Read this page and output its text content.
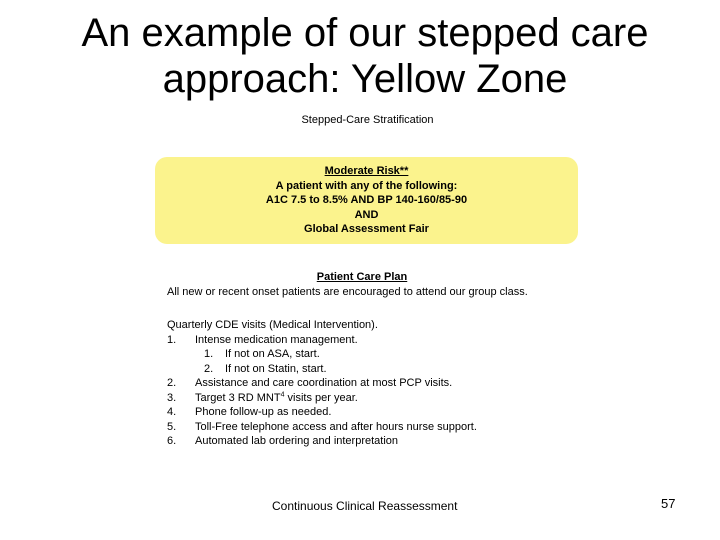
An example of our stepped care approach: Yellow Zone
Stepped-Care Stratification
Moderate Risk**
A patient with any of the following:
A1C 7.5 to 8.5% AND BP 140-160/85-90
AND
Global Assessment Fair
Patient Care Plan
All new or recent onset patients are encouraged to attend our group class.
Quarterly CDE visits (Medical Intervention).
1. Intense medication management.
1. If not on ASA, start.
2. If not on Statin, start.
2. Assistance and care coordination at most PCP visits.
3. Target 3 RD MNT$^4$ visits per year.
4. Phone follow-up as needed.
5. Toll-Free telephone access and after hours nurse support.
6. Automated lab ordering and interpretation
Continuous Clinical Reassessment	57
